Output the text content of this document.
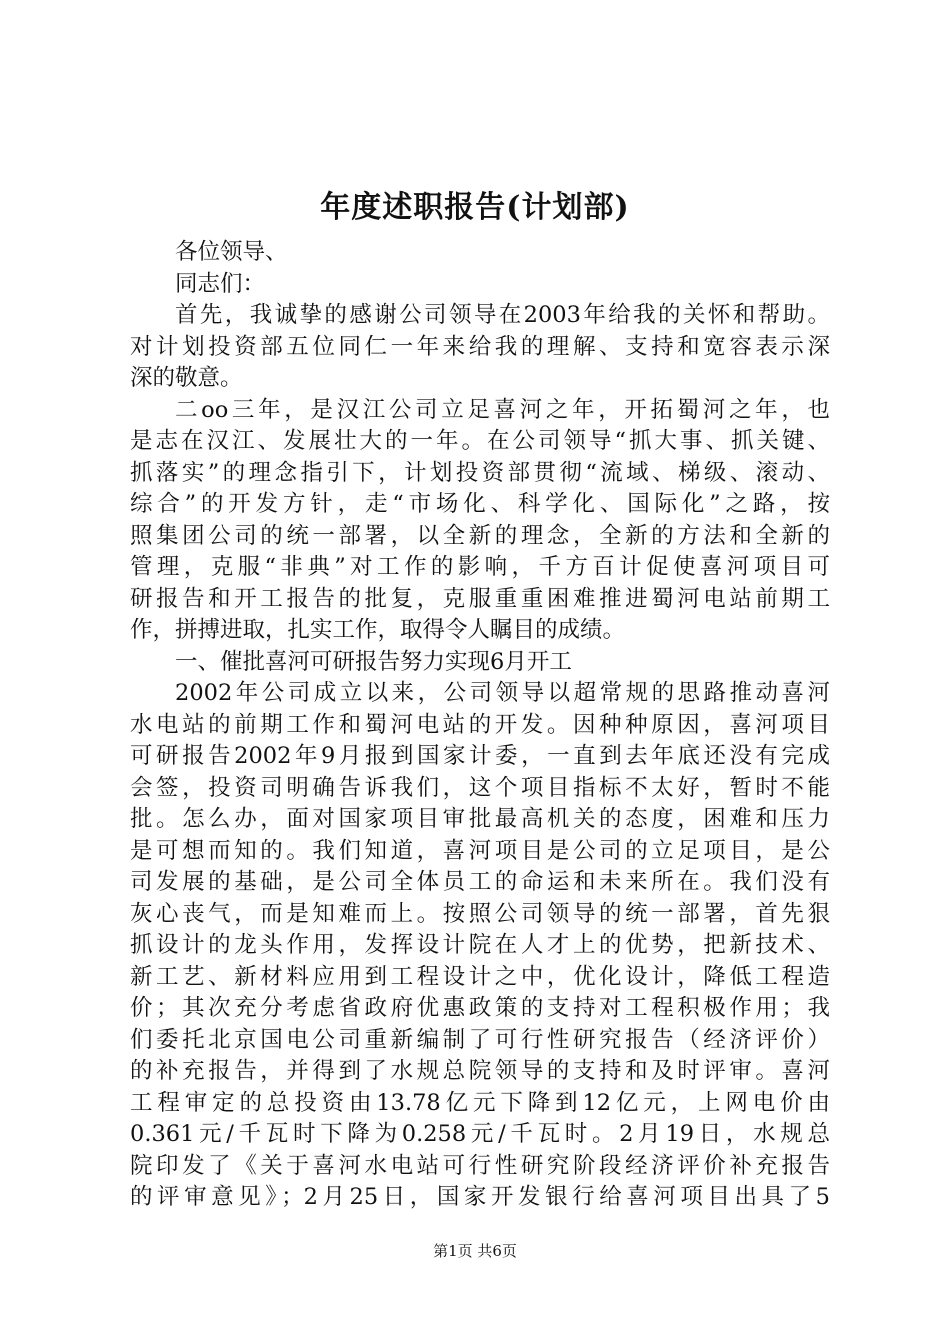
年度述职报告(计划部)

各位领导、

同志们：

首先，我诚挚的感谢公司领导在2003年给我的关怀和帮助。

对计划投资部五位同仁一年来给我的理解、支持和宽容表示深

深的敬意。

二oo三年，是汉江公司立足喜河之年，开拓蜀河之年，也

是志在汉江、发展壮大的一年。在公司领导“抓大事、抓关键、

抓落实”的理念指引下，计划投资部贯彻“流域、梯级、滚动、

综合”的开发方针，走“市场化、科学化、国际化”之路，按

照集团公司的统一部署，以全新的理念，全新的方法和全新的

管理，克服“非典”对工作的影响，千方百计促使喜河项目可

研报告和开工报告的批复，克服重重困难推进蜀河电站前期工

作，拼搏进取，扎实工作，取得令人瞩目的成绩。

一、催批喜河可研报告努力实现6月开工

2002年公司成立以来，公司领导以超常规的思路推动喜河

水电站的前期工作和蜀河电站的开发。因种种原因，喜河项目

可研报告2002年9月报到国家计委，一直到去年底还没有完成

会签，投资司明确告诉我们，这个项目指标不太好，暂时不能

批。怎么办，面对国家项目审批最高机关的态度，困难和压力

是可想而知的。我们知道，喜河项目是公司的立足项目，是公

司发展的基础，是公司全体员工的命运和未来所在。我们没有

灰心丧气，而是知难而上。按照公司领导的统一部署，首先狠

抓设计的龙头作用，发挥设计院在人才上的优势，把新技术、

新工艺、新材料应用到工程设计之中，优化设计，降低工程造

价；其次充分考虑省政府优惠政策的支持对工程积极作用；我

们委托北京国电公司重新编制了可行性研究报告（经济评价）

的补充报告，并得到了水规总院领导的支持和及时评审。喜河

工程审定的总投资由13.78亿元下降到12亿元，上网电价由

0.361元/千瓦时下降为0.258元/千瓦时。2月19日，水规总

院印发了《关于喜河水电站可行性研究阶段经济评价补充报告

的评审意见》；2月25日，国家开发银行给喜河项目出具了5

第1页 共6页
